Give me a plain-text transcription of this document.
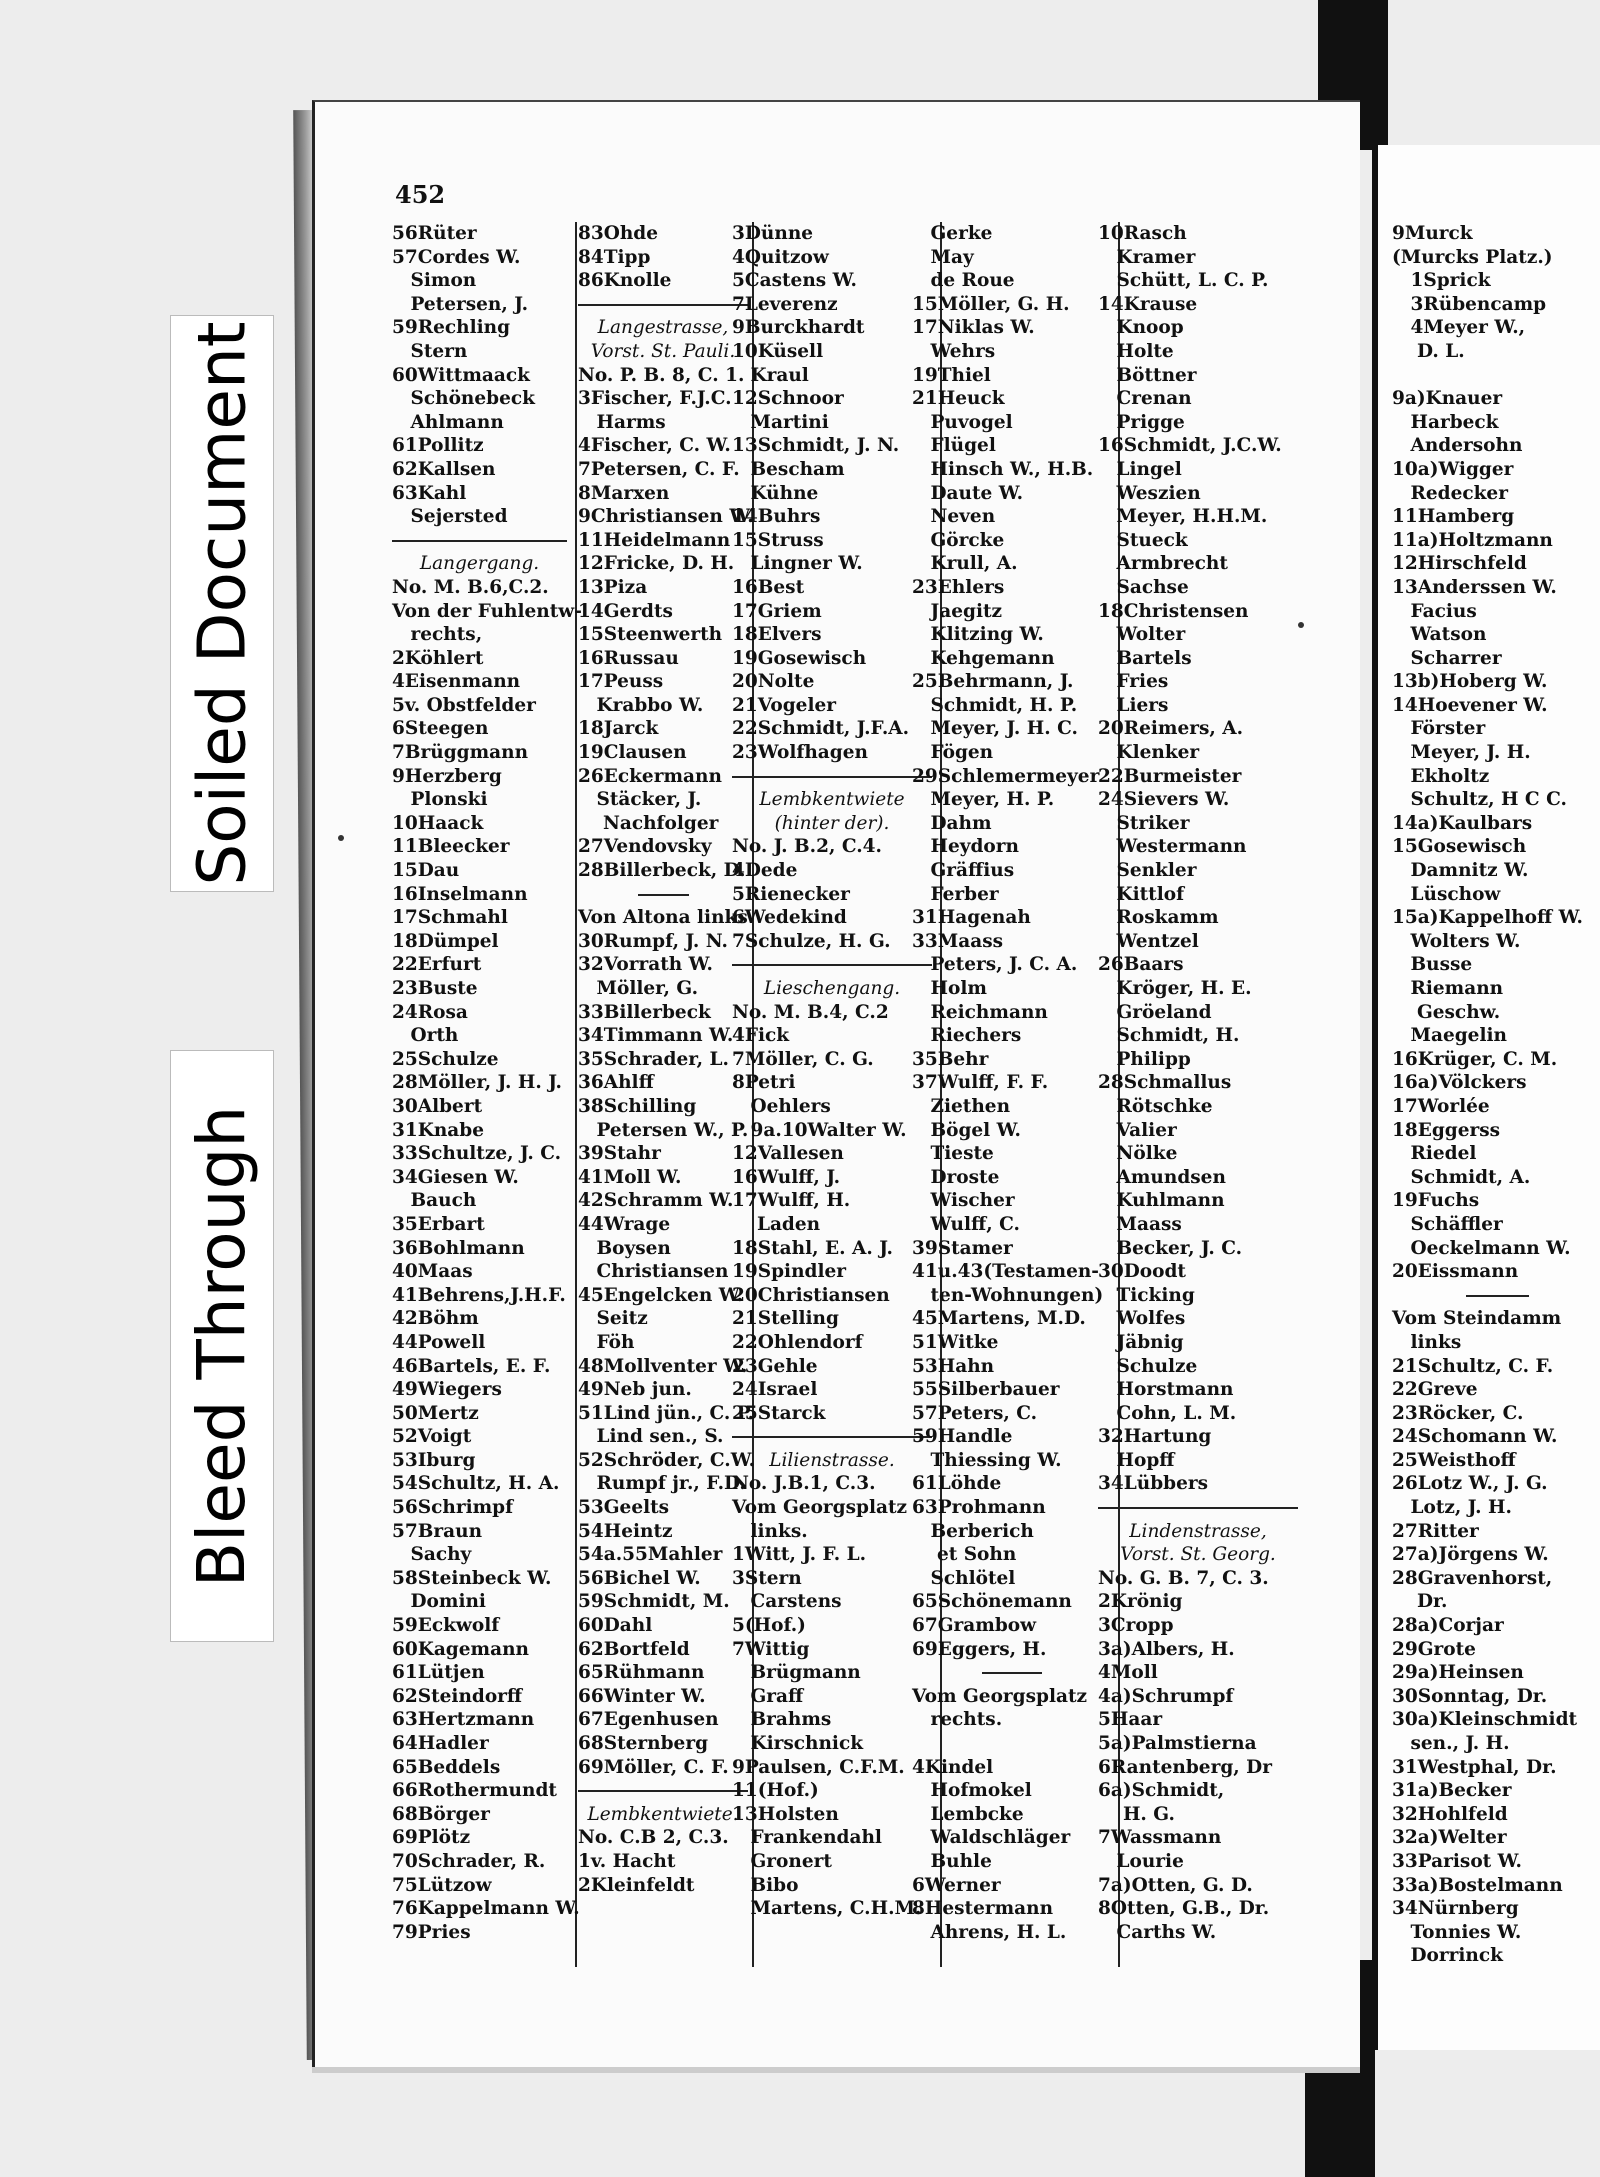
452
56Rüter
57Cordes W.
 Simon
 Petersen, J.
59Rechling
 Stern
60Wittmaack
 Schönebeck
 Ahlmann
61Pollitz
62Kallsen
63Kahl
 Sejersted
Langergang.
No. M. B.6,C.2.
Von der Fuhlentw-
 rechts,
2Köhlert
4Eisenmann
5v. Obstfelder
6Steegen
7Brüggmann
9Herzberg
 Plonski
10Haack
11Bleecker
15Dau
16Inselmann
17Schmahl
18Dümpel
22Erfurt
23Buste
24Rosa
 Orth
25Schulze
28Möller, J. H. J.
30Albert
31Knabe
33Schultze, J. C.
34Giesen W.
 Bauch
35Erbart
36Bohlmann
40Maas
41Behrens,J.H.F.
42Böhm
44Powell
46Bartels, E. F.
49Wiegers
50Mertz
52Voigt
53Iburg
54Schultz, H. A.
56Schrimpf
57Braun
 Sachy
58Steinbeck W.
 Domini
59Eckwolf
60Kagemann
61Lütjen
62Steindorff
63Hertzmann
64Hadler
65Beddels
66Rothermundt
68Börger
69Plötz
70Schrader, R.
75Lützow
76Kappelmann W.
79Pries
83Ohde
84Tipp
86Knolle
Langestrasse,
Vorst. St. Pauli.
No. P. B. 8, C. 1.
3Fischer, F.J.C.
 Harms
4Fischer, C. W.
7Petersen, C. F.
8Marxen
9Christiansen W.
11Heidelmann
12Fricke, D. H.
13Piza
14Gerdts
15Steenwerth
16Russau
17Peuss
 Krabbo W.
18Jarck
19Clausen
26Eckermann
 Stäcker, J.
  Nachfolger
27Vendovsky
28Billerbeck, D.
Von Altona links
30Rumpf, J. N.
32Vorrath W.
 Möller, G.
33Billerbeck
34Timmann W.
35Schrader, L.
36Ahlff
38Schilling
 Petersen W., P.
39Stahr
41Moll W.
42Schramm W.
44Wrage
 Boysen
 Christiansen
45Engelcken W.
 Seitz
 Föh
48Mollventer W.
49Neb jun.
51Lind jün., C. P.
 Lind sen., S.
52Schröder, C.W.
 Rumpf jr., F.D.
53Geelts
54Heintz
54a.55Mahler
56Bichel W.
59Schmidt, M.
60Dahl
62Bortfeld
65Rühmann
66Winter W.
67Egenhusen
68Sternberg
69Möller, C. F.
Lembkentwiete.
No. C.B 2, C.3.
1v. Hacht
2Kleinfeldt
3Dünne
4Quitzow
5Castens W.
7Leverenz
9Burckhardt
10Küsell
 Kraul
12Schnoor
 Martini
13Schmidt, J. N.
 Bescham
 Kühne
14Buhrs
15Struss
 Lingner W.
16Best
17Griem
18Elvers
19Gosewisch
20Nolte
21Vogeler
22Schmidt, J.F.A.
23Wolfhagen
Lembkentwiete
(hinter der).
No. J. B.2, C.4.
4Dede
5Rienecker
6Wedekind
7Schulze, H. G.
Lieschengang.
No. M. B.4, C.2
4Fick
7Möller, C. G.
8Petri
 Oehlers
 9a.10Walter W.
12Vallesen
16Wulff, J.
17Wulff, H.
  Laden
18Stahl, E. A. J.
19Spindler
20Christiansen
21Stelling
22Ohlendorf
23Gehle
24Israel
25Starck
Lilienstrasse.
No. J.B.1, C.3.
Vom Georgsplatz
 links.
1Witt, J. F. L.
3Stern
 Carstens
5(Hof.)
7Wittig
 Brügmann
 Graff
 Brahms
 Kirschnick
9Paulsen, C.F.M.
11(Hof.)
13Holsten
 Frankendahl
 Gronert
 Bibo
 Martens, C.H.M.
 Gerke
 May
 de Roue
15Möller, G. H.
17Niklas W.
 Wehrs
19Thiel
21Heuck
 Puvogel
 Flügel
 Hinsch W., H.B.
 Daute W.
 Neven
 Görcke
 Krull, A.
23Ehlers
 Jaegitz
 Klitzing W.
 Kehgemann
25Behrmann, J.
 Schmidt, H. P.
 Meyer, J. H. C.
 Fögen
29Schlemermeyer
 Meyer, H. P.
 Dahm
 Heydorn
 Gräffius
 Ferber
31Hagenah
33Maass
 Peters, J. C. A.
 Holm
 Reichmann
 Riechers
35Behr
37Wulff, F. F.
 Ziethen
 Bögel W.
 Tieste
 Droste
 Wischer
 Wulff, C.
39Stamer
41u.43(Testamen-
 ten-Wohnungen)
45Martens, M.D.
51Witke
53Hahn
55Silberbauer
57Peters, C.
59Handle
 Thiessing W.
61Löhde
63Prohmann
 Berberich
  et Sohn
 Schlötel
65Schönemann
67Grambow
69Eggers, H.
Vom Georgsplatz
 rechts.
4Kindel
 Hofmokel
 Lembcke
 Waldschläger
 Buhle
6Werner
8Hestermann
 Ahrens, H. L.
10Rasch
 Kramer
 Schütt, L. C. P.
14Krause
 Knoop
 Holte
 Böttner
 Crenan
 Prigge
16Schmidt, J.C.W.
 Lingel
 Weszien
 Meyer, H.H.M.
 Stueck
 Armbrecht
 Sachse
18Christensen
 Wolter
 Bartels
 Fries
 Liers
20Reimers, A.
 Klenker
22Burmeister
24Sievers W.
 Striker
 Westermann
 Senkler
 Kittlof
 Roskamm
 Wentzel
26Baars
 Kröger, H. E.
 Gröeland
 Schmidt, H.
 Philipp
28Schmallus
 Rötschke
 Valier
 Nölke
 Amundsen
 Kuhlmann
 Maass
 Becker, J. C.
30Doodt
 Ticking
 Wolfes
 Jäbnig
 Schulze
 Horstmann
 Cohn, L. M.
32Hartung
 Hopff
34Lübbers
Lindenstrasse,
Vorst. St. Georg.
No. G. B. 7, C. 3.
2Krönig
3Cropp
3a)Albers, H.
4Moll
4a)Schrumpf
5Haar
5a)Palmstierna
6Rantenberg, Dr
6a)Schmidt,
  H. G.
7Wassmann
 Lourie
7a)Otten, G. D.
8Otten, G.B., Dr.
 Carths W.
9Murck
(Murcks Platz.)
 1Sprick
 3Rübencamp
 4Meyer W.,
  D. L.
9a)Knauer
 Harbeck
 Andersohn
10a)Wigger
 Redecker
11Hamberg
11a)Holtzmann
12Hirschfeld
13Anderssen W.
 Facius
 Watson
 Scharrer
13b)Hoberg W.
14Hoevener W.
 Förster
 Meyer, J. H.
 Ekholtz
 Schultz, H C C.
14a)Kaulbars
15Gosewisch
 Damnitz W.
 Lüschow
15a)Kappelhoff W.
 Wolters W.
 Busse
 Riemann
  Geschw.
 Maegelin
16Krüger, C. M.
16a)Völckers
17Worlée
18Eggerss
 Riedel
 Schmidt, A.
19Fuchs
 Schäffler
 Oeckelmann W.
20Eissmann
Vom Steindamm
 links
21Schultz, C. F.
22Greve
23Röcker, C.
24Schomann W.
25Weisthoff
26Lotz W., J. G.
 Lotz, J. H.
27Ritter
27a)Jörgens W.
28Gravenhorst,
  Dr.
28a)Corjar
29Grote
29a)Heinsen
30Sonntag, Dr.
30a)Kleinschmidt
 sen., J. H.
31Westphal, Dr.
31a)Becker
32Hohlfeld
32a)Welter
33Parisot W.
33a)Bostelmann
34Nürnberg
 Tonnies W.
 Dorrinck
Soiled Document
Bleed Through
